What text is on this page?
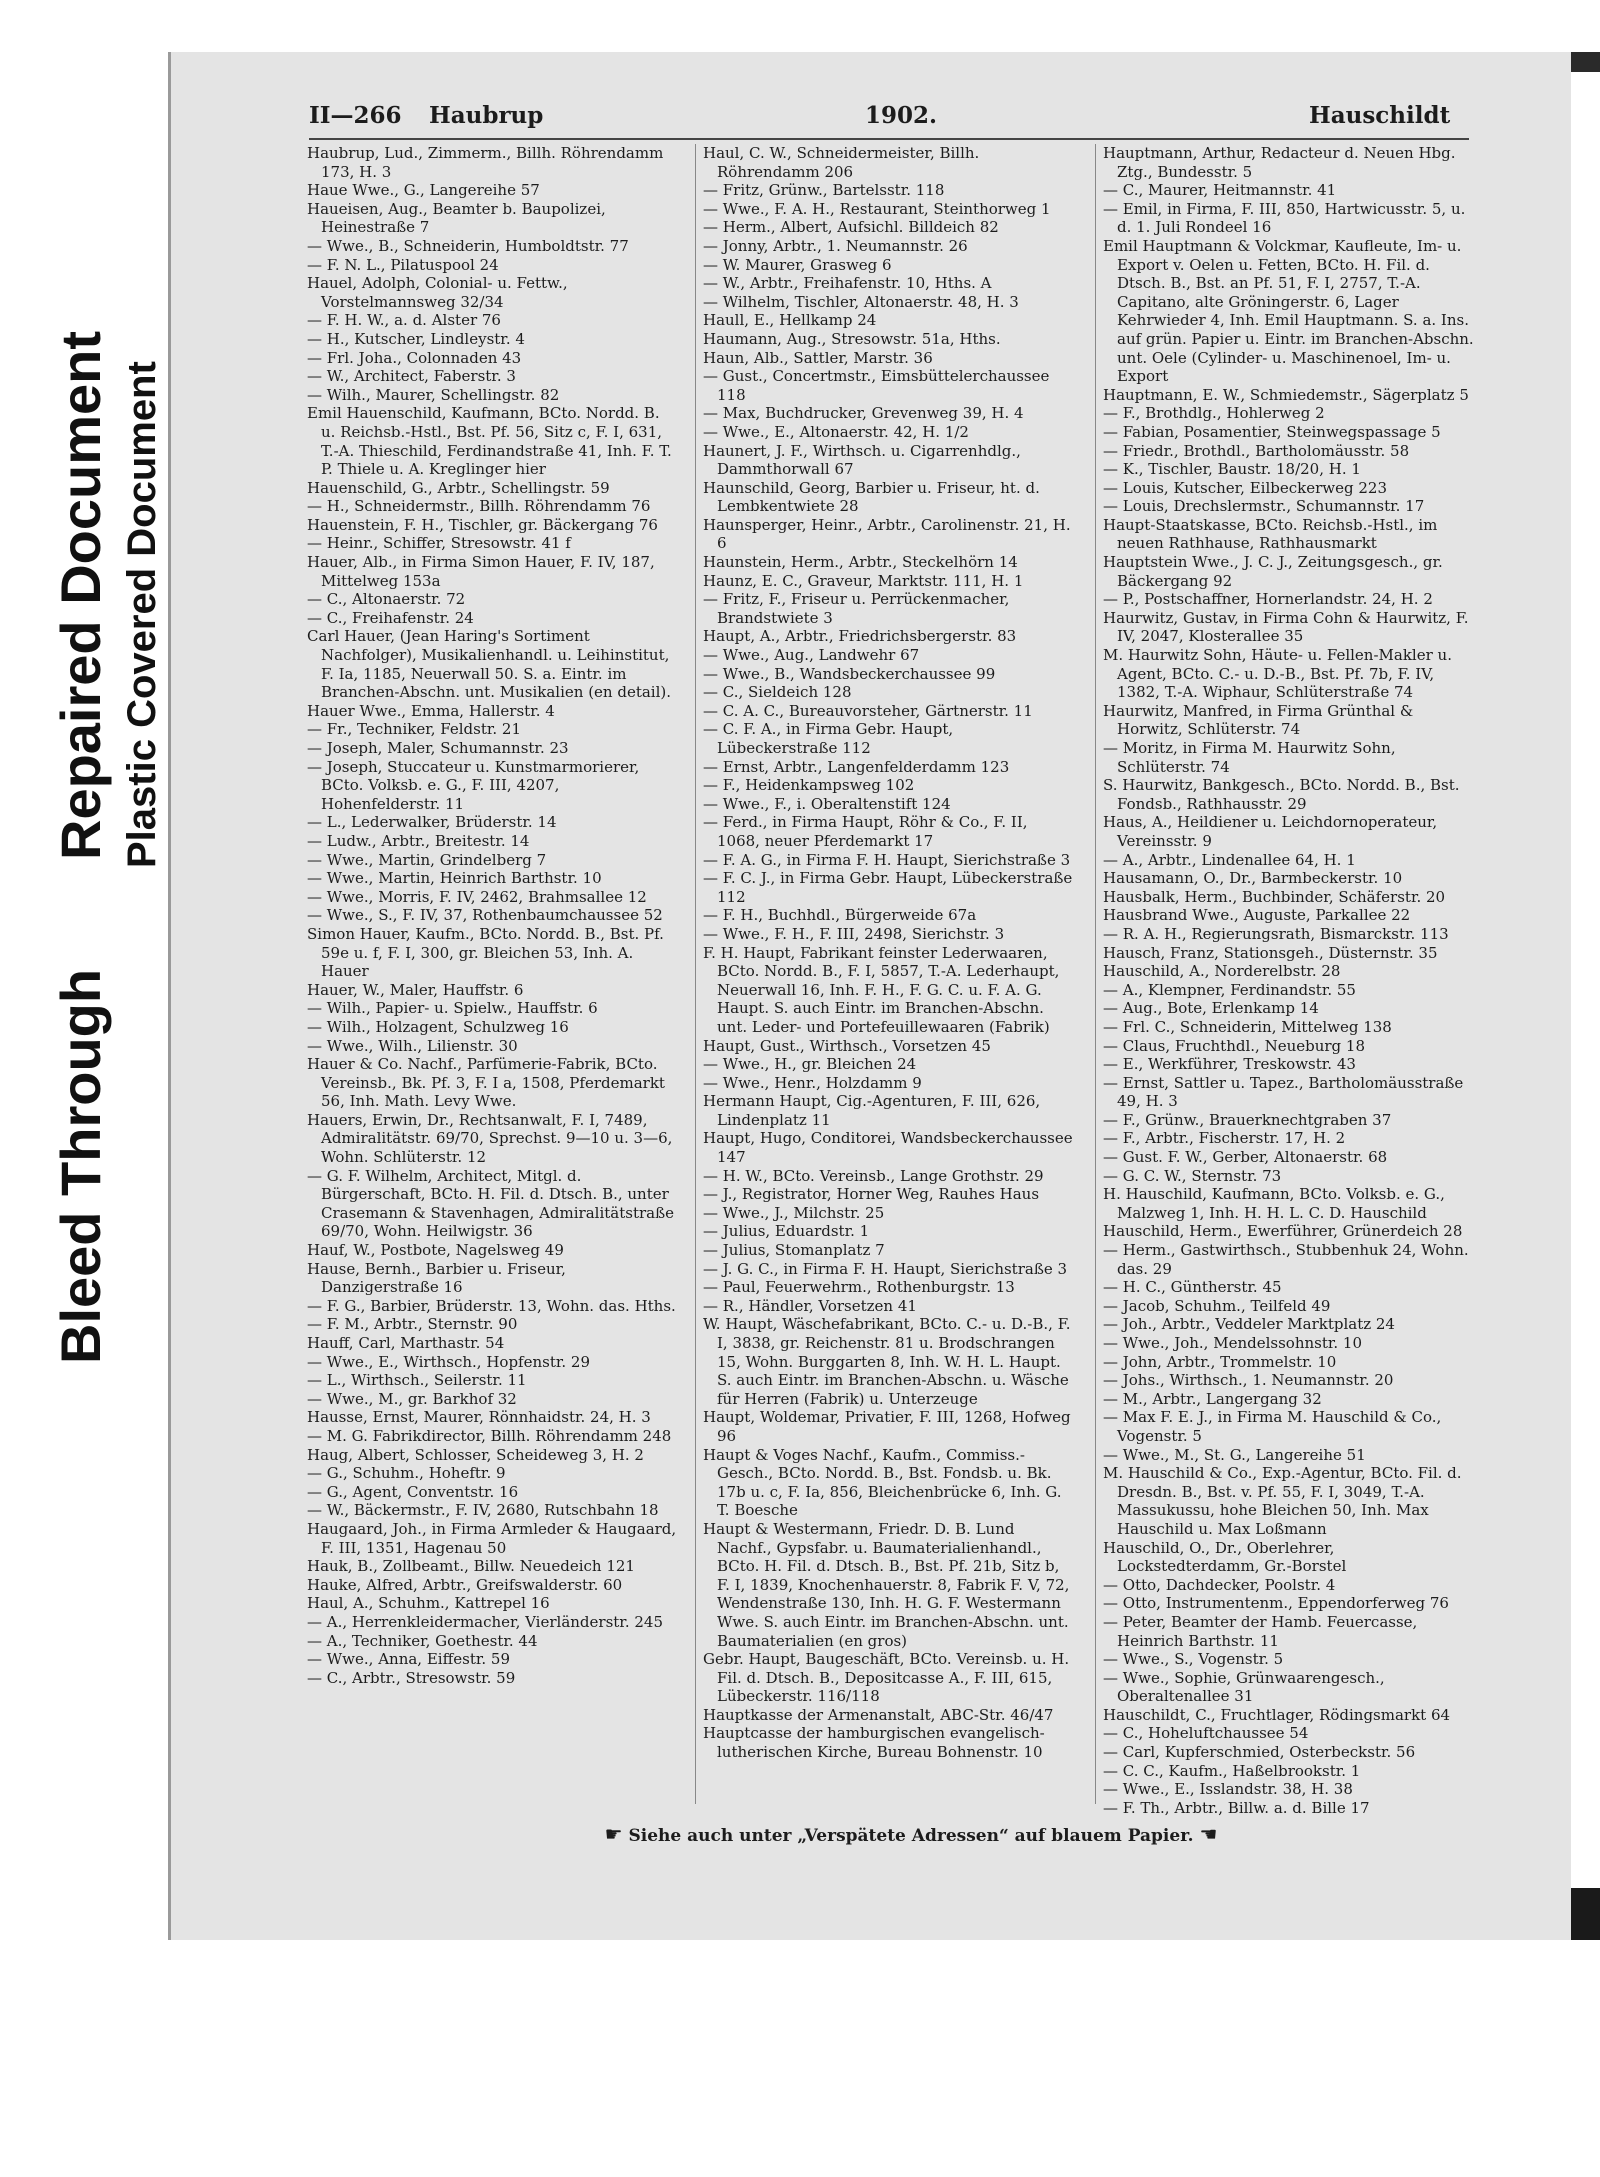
Bleed Through
Repaired Document Plastic Covered Document
II—266 Haubrup	1902.	Hauschildt
Haubrup, Lud., Zimmerm., Billh. Röhrendamm 173, H. 3
Haue Wwe., G., Langereihe 57
Haueisen, Aug., Beamter b. Baupolizei, Heinestraße 7
— Wwe., B., Schneiderin, Humboldtstr. 77
— F. N. L., Pilatuspool 24
Hauel, Adolph, Colonial- u. Fettw., Vorstelmannsweg 32/34
— F. H. W., a. d. Alster 76
— H., Kutscher, Lindleystr. 4
— Frl. Joha., Colonnaden 43
— W., Architect, Faberstr. 3
— Wilh., Maurer, Schellingstr. 82
Emil Hauenschild, Kaufmann, BCto. Nordd. B. u. Reichsb.-Hstl., Bst. Pf. 56, Sitz c, F. I, 631, T.-A. Thieschild, Ferdinandstraße 41, Inh. F. T. P. Thiele u. A. Kreglinger hier
Hauenschild, G., Arbtr., Schellingstr. 59
— H., Schneidermstr., Billh. Röhrendamm 76
Hauenstein, F. H., Tischler, gr. Bäckergang 76
— Heinr., Schiffer, Stresowstr. 41 f
Hauer, Alb., in Firma Simon Hauer, F. IV, 187, Mittelweg 153a
— C., Altonaerstr. 72
— C., Freihafenstr. 24
Carl Hauer, (Jean Haring's Sortiment Nachfolger), Musikalienhandl. u. Leihinstitut, F. Ia, 1185, Neuerwall 50. S. a. Eintr. im Branchen-Abschn. unt. Musikalien (en detail).
Hauer Wwe., Emma, Hallerstr. 4
— Fr., Techniker, Feldstr. 21
— Joseph, Maler, Schumannstr. 23
— Joseph, Stuccateur u. Kunstmarmorierer, BCto. Volksb. e. G., F. III, 4207, Hohenfelderstr. 11
— L., Lederwalker, Brüderstr. 14
— Ludw., Arbtr., Breitestr. 14
— Wwe., Martin, Grindelberg 7
— Wwe., Martin, Heinrich Barthstr. 10
— Wwe., Morris, F. IV, 2462, Brahmsallee 12
— Wwe., S., F. IV, 37, Rothenbaumchaussee 52
Simon Hauer, Kaufm., BCto. Nordd. B., Bst. Pf. 59e u. f, F. I, 300, gr. Bleichen 53, Inh. A. Hauer
Hauer, W., Maler, Hauffstr. 6
— Wilh., Papier- u. Spielw., Hauffstr. 6
— Wilh., Holzagent, Schulzweg 16
— Wwe., Wilh., Lilienstr. 30
Hauer & Co. Nachf., Parfümerie-Fabrik, BCto. Vereinsb., Bk. Pf. 3, F. I a, 1508, Pferdemarkt 56, Inh. Math. Levy Wwe.
Hauers, Erwin, Dr., Rechtsanwalt, F. I, 7489, Admiralitätstr. 69/70, Sprechst. 9—10 u. 3—6, Wohn. Schlüterstr. 12
— G. F. Wilhelm, Architect, Mitgl. d. Bürgerschaft, BCto. H. Fil. d. Dtsch. B., unter Crasemann & Stavenhagen, Admiralitätstraße 69/70, Wohn. Heilwigstr. 36
Hauf, W., Postbote, Nagelsweg 49
Hause, Bernh., Barbier u. Friseur, Danzigerstraße 16
— F. G., Barbier, Brüderstr. 13, Wohn. das. Hths.
— F. M., Arbtr., Sternstr. 90
Hauff, Carl, Marthastr. 54
— Wwe., E., Wirthsch., Hopfenstr. 29
— L., Wirthsch., Seilerstr. 11
— Wwe., M., gr. Barkhof 32
Hausse, Ernst, Maurer, Rönnhaidstr. 24, H. 3
— M. G. Fabrikdirector, Billh. Röhrendamm 248
Haug, Albert, Schlosser, Scheideweg 3, H. 2
— G., Schuhm., Hoheftr. 9
— G., Agent, Conventstr. 16
— W., Bäckermstr., F. IV, 2680, Rutschbahn 18
Haugaard, Joh., in Firma Armleder & Haugaard, F. III, 1351, Hagenau 50
Hauk, B., Zollbeamt., Billw. Neuedeich 121
Hauke, Alfred, Arbtr., Greifswalderstr. 60
Haul, A., Schuhm., Kattrepel 16
— A., Herrenkleidermacher, Vierländerstr. 245
— A., Techniker, Goethestr. 44
— Wwe., Anna, Eiffestr. 59
— C., Arbtr., Stresowstr. 59
Haul, C. W., Schneidermeister, Billh. Röhrendamm 206
— Fritz, Grünw., Bartelsstr. 118
— Wwe., F. A. H., Restaurant, Steinthorweg 1
— Herm., Albert, Aufsichl. Billdeich 82
— Jonny, Arbtr., 1. Neumannstr. 26
— W. Maurer, Grasweg 6
— W., Arbtr., Freihafenstr. 10, Hths. A
— Wilhelm, Tischler, Altonaerstr. 48, H. 3
Haull, E., Hellkamp 24
Haumann, Aug., Stresowstr. 51a, Hths.
Haun, Alb., Sattler, Marstr. 36
— Gust., Concertmstr., Eimsbüttelerchaussee 118
— Max, Buchdrucker, Grevenweg 39, H. 4
— Wwe., E., Altonaerstr. 42, H. 1/2
Haunert, J. F., Wirthsch. u. Cigarrenhdlg., Dammthorwall 67
Haunschild, Georg, Barbier u. Friseur, ht. d. Lembkentwiete 28
Haunsperger, Heinr., Arbtr., Carolinenstr. 21, H. 6
Haunstein, Herm., Arbtr., Steckelhörn 14
Haunz, E. C., Graveur, Marktstr. 111, H. 1
— Fritz, F., Friseur u. Perrückenmacher, Brandstwiete 3
Haupt, A., Arbtr., Friedrichsbergerstr. 83
— Wwe., Aug., Landwehr 67
— Wwe., B., Wandsbeckerchaussee 99
— C., Sieldeich 128
— C. A. C., Bureauvorsteher, Gärtnerstr. 11
— C. F. A., in Firma Gebr. Haupt, Lübeckerstraße 112
— Ernst, Arbtr., Langenfelderdamm 123
— F., Heidenkampsweg 102
— Wwe., F., i. Oberaltenstift 124
— Ferd., in Firma Haupt, Röhr & Co., F. II, 1068, neuer Pferdemarkt 17
— F. A. G., in Firma F. H. Haupt, Sierichstraße 3
— F. C. J., in Firma Gebr. Haupt, Lübeckerstraße 112
— F. H., Buchhdl., Bürgerweide 67a
— Wwe., F. H., F. III, 2498, Sierichstr. 3
F. H. Haupt, Fabrikant feinster Lederwaaren, BCto. Nordd. B., F. I, 5857, T.-A. Lederhaupt, Neuerwall 16, Inh. F. H., F. G. C. u. F. A. G. Haupt. S. auch Eintr. im Branchen-Abschn. unt. Leder- und Portefeuillewaaren (Fabrik)
Haupt, Gust., Wirthsch., Vorsetzen 45
— Wwe., H., gr. Bleichen 24
— Wwe., Henr., Holzdamm 9
Hermann Haupt, Cig.-Agenturen, F. III, 626, Lindenplatz 11
Haupt, Hugo, Conditorei, Wandsbeckerchaussee 147
— H. W., BCto. Vereinsb., Lange Grothstr. 29
— J., Registrator, Horner Weg, Rauhes Haus
— Wwe., J., Milchstr. 25
— Julius, Eduardstr. 1
— Julius, Stomanplatz 7
— J. G. C., in Firma F. H. Haupt, Sierichstraße 3
— Paul, Feuerwehrm., Rothenburgstr. 13
— R., Händler, Vorsetzen 41
W. Haupt, Wäschefabrikant, BCto. C.- u. D.-B., F. I, 3838, gr. Reichenstr. 81 u. Brodschrangen 15, Wohn. Burggarten 8, Inh. W. H. L. Haupt. S. auch Eintr. im Branchen-Abschn. u. Wäsche für Herren (Fabrik) u. Unterzeuge
Haupt, Woldemar, Privatier, F. III, 1268, Hofweg 96
Haupt & Voges Nachf., Kaufm., Commiss.-Gesch., BCto. Nordd. B., Bst. Fondsb. u. Bk. 17b u. c, F. Ia, 856, Bleichenbrücke 6, Inh. G. T. Boesche
Haupt & Westermann, Friedr. D. B. Lund Nachf., Gypsfabr. u. Baumaterialienhandl., BCto. H. Fil. d. Dtsch. B., Bst. Pf. 21b, Sitz b, F. I, 1839, Knochenhauerstr. 8, Fabrik F. V, 72, Wendenstraße 130, Inh. H. G. F. Westermann Wwe. S. auch Eintr. im Branchen-Abschn. unt. Baumaterialien (en gros)
Gebr. Haupt, Baugeschäft, BCto. Vereinsb. u. H. Fil. d. Dtsch. B., Depositcasse A., F. III, 615, Lübeckerstr. 116/118
Hauptkasse der Armenanstalt, ABC-Str. 46/47
Hauptcasse der hamburgischen evangelisch-lutherischen Kirche, Bureau Bohnenstr. 10
Hauptmann, Arthur, Redacteur d. Neuen Hbg. Ztg., Bundesstr. 5
— C., Maurer, Heitmannstr. 41
— Emil, in Firma, F. III, 850, Hartwicusstr. 5, u. d. 1. Juli Rondeel 16
Emil Hauptmann & Volckmar, Kaufleute, Im- u. Export v. Oelen u. Fetten, BCto. H. Fil. d. Dtsch. B., Bst. an Pf. 51, F. I, 2757, T.-A. Capitano, alte Gröningerstr. 6, Lager Kehrwieder 4, Inh. Emil Hauptmann. S. a. Ins. auf grün. Papier u. Eintr. im Branchen-Abschn. unt. Oele (Cylinder- u. Maschinenoel, Im- u. Export
Hauptmann, E. W., Schmiedemstr., Sägerplatz 5
— F., Brothdlg., Hohlerweg 2
— Fabian, Posamentier, Steinwegspassage 5
— Friedr., Brothdl., Bartholomäusstr. 58
— K., Tischler, Baustr. 18/20, H. 1
— Louis, Kutscher, Eilbeckerweg 223
— Louis, Drechslermstr., Schumannstr. 17
Haupt-Staatskasse, BCto. Reichsb.-Hstl., im neuen Rathhause, Rathhausmarkt
Hauptstein Wwe., J. C. J., Zeitungsgesch., gr. Bäckergang 92
— P., Postschaffner, Hornerlandstr. 24, H. 2
Haurwitz, Gustav, in Firma Cohn & Haurwitz, F. IV, 2047, Klosterallee 35
M. Haurwitz Sohn, Häute- u. Fellen-Makler u. Agent, BCto. C.- u. D.-B., Bst. Pf. 7b, F. IV, 1382, T.-A. Wiphaur, Schlüterstraße 74
Haurwitz, Manfred, in Firma Grünthal & Horwitz, Schlüterstr. 74
— Moritz, in Firma M. Haurwitz Sohn, Schlüterstr. 74
S. Haurwitz, Bankgesch., BCto. Nordd. B., Bst. Fondsb., Rathhausstr. 29
Haus, A., Heildiener u. Leichdornoperateur, Vereinsstr. 9
— A., Arbtr., Lindenallee 64, H. 1
Hausamann, O., Dr., Barmbeckerstr. 10
Hausbalk, Herm., Buchbinder, Schäferstr. 20
Hausbrand Wwe., Auguste, Parkallee 22
— R. A. H., Regierungsrath, Bismarckstr. 113
Hausch, Franz, Stationsgeh., Düsternstr. 35
Hauschild, A., Norderelbstr. 28
— A., Klempner, Ferdinandstr. 55
— Aug., Bote, Erlenkamp 14
— Frl. C., Schneiderin, Mittelweg 138
— Claus, Fruchthdl., Neueburg 18
— E., Werkführer, Treskowstr. 43
— Ernst, Sattler u. Tapez., Bartholomäusstraße 49, H. 3
— F., Grünw., Brauerknechtgraben 37
— F., Arbtr., Fischerstr. 17, H. 2
— Gust. F. W., Gerber, Altonaerstr. 68
— G. C. W., Sternstr. 73
H. Hauschild, Kaufmann, BCto. Volksb. e. G., Malzweg 1, Inh. H. H. L. C. D. Hauschild
Hauschild, Herm., Ewerführer, Grünerdeich 28
— Herm., Gastwirthsch., Stubbenhuk 24, Wohn. das. 29
— H. C., Güntherstr. 45
— Jacob, Schuhm., Teilfeld 49
— Joh., Arbtr., Veddeler Marktplatz 24
— Wwe., Joh., Mendelssohnstr. 10
— John, Arbtr., Trommelstr. 10
— Johs., Wirthsch., 1. Neumannstr. 20
— M., Arbtr., Langergang 32
— Max F. E. J., in Firma M. Hauschild & Co., Vogenstr. 5
— Wwe., M., St. G., Langereihe 51
M. Hauschild & Co., Exp.-Agentur, BCto. Fil. d. Dresdn. B., Bst. v. Pf. 55, F. I, 3049, T.-A. Massukussu, hohe Bleichen 50, Inh. Max Hauschild u. Max Loßmann
Hauschild, O., Dr., Oberlehrer, Lockstedterdamm, Gr.-Borstel
— Otto, Dachdecker, Poolstr. 4
— Otto, Instrumentenm., Eppendorferweg 76
— Peter, Beamter der Hamb. Feuercasse, Heinrich Barthstr. 11
— Wwe., S., Vogenstr. 5
— Wwe., Sophie, Grünwaarengesch., Oberaltenallee 31
Hauschildt, C., Fruchtlager, Rödingsmarkt 64
— C., Hoheluftchaussee 54
— Carl, Kupferschmied, Osterbeckstr. 56
— C. C., Kaufm., Haßelbrookstr. 1
— Wwe., E., Isslandstr. 38, H. 38
— F. Th., Arbtr., Billw. a. d. Bille 17
☛ Siehe auch unter „Verspätete Adressen“ auf blauem Papier. ☚
